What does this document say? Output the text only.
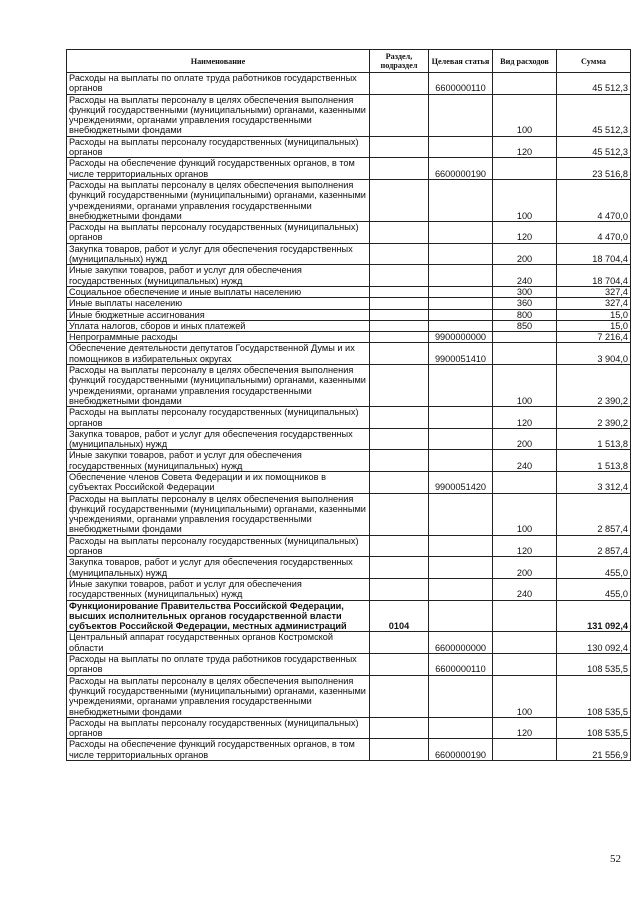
Наименование	Раздел, подраздел	Целевая статья	Вид расходов	Сумма
Расходы на выплаты по оплате труда работников государственных органов		6600000110		45 512,3
Расходы на выплаты персоналу в целях обеспечения выполнения функций государственными (муниципальными) органами, казенными учреждениями, органами управления государственными внебюджетными фондами			100	45 512,3
Расходы на выплаты персоналу государственных (муниципальных) органов			120	45 512,3
Расходы на обеспечение функций государственных органов, в том числе территориальных органов		6600000190		23 516,8
Расходы на выплаты персоналу в целях обеспечения выполнения функций государственными (муниципальными) органами, казенными учреждениями, органами управления государственными внебюджетными фондами			100	4 470,0
Расходы на выплаты персоналу государственных (муниципальных) органов			120	4 470,0
Закупка товаров, работ и услуг для обеспечения государственных (муниципальных) нужд			200	18 704,4
Иные закупки товаров, работ и услуг для обеспечения государственных (муниципальных) нужд			240	18 704,4
Социальное обеспечение и иные выплаты населению			300	327,4
Иные выплаты населению			360	327,4
Иные бюджетные ассигнования			800	15,0
Уплата налогов, сборов и иных платежей			850	15,0
Непрограммные расходы		9900000000		7 216,4
Обеспечение деятельности депутатов Государственной Думы и их помощников в избирательных округах		9900051410		3 904,0
Расходы на выплаты персоналу в целях обеспечения выполнения функций государственными (муниципальными) органами, казенными учреждениями, органами управления государственными внебюджетными фондами			100	2 390,2
Расходы на выплаты персоналу государственных (муниципальных) органов			120	2 390,2
Закупка товаров, работ и услуг для обеспечения государственных (муниципальных) нужд			200	1 513,8
Иные закупки товаров, работ и услуг для обеспечения государственных (муниципальных) нужд			240	1 513,8
Обеспечение членов Совета Федерации и их помощников в субъектах Российской Федерации		9900051420		3 312,4
Расходы на выплаты персоналу в целях обеспечения выполнения функций государственными (муниципальными) органами, казенными учреждениями, органами управления государственными внебюджетными фондами			100	2 857,4
Расходы на выплаты персоналу государственных (муниципальных) органов			120	2 857,4
Закупка товаров, работ и услуг для обеспечения государственных (муниципальных) нужд			200	455,0
Иные закупки товаров, работ и услуг для обеспечения государственных (муниципальных) нужд			240	455,0
Функционирование Правительства Российской Федерации, высших исполнительных органов государственной власти субъектов Российской Федерации, местных администраций	0104			131 092,4
Центральный аппарат государственных органов Костромской области		6600000000		130 092,4
Расходы на выплаты по оплате труда работников государственных органов		6600000110		108 535,5
Расходы на выплаты персоналу в целях обеспечения выполнения функций государственными (муниципальными) органами, казенными учреждениями, органами управления государственными внебюджетными фондами			100	108 535,5
Расходы на выплаты персоналу государственных (муниципальных) органов			120	108 535,5
Расходы на обеспечение функций государственных органов, в том числе территориальных органов		6600000190		21 556,9
52
